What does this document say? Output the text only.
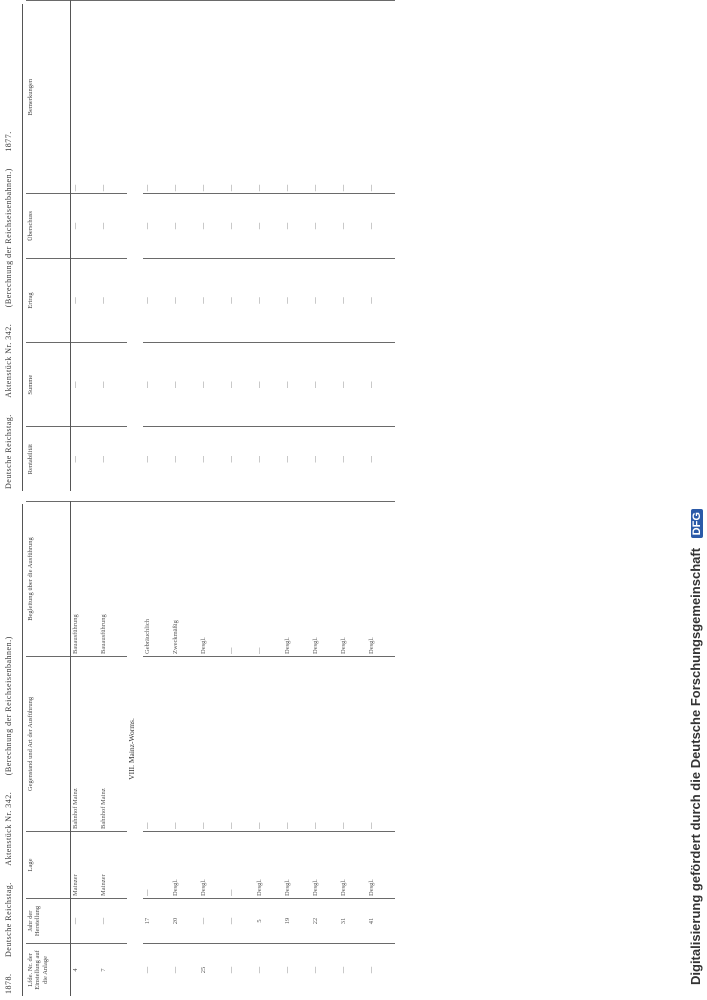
1878. Deutsche Reichstag. Aktenstück Nr. 342. (Berechnung der Reichseisenbahnen.)
Lfde. Nr. der Einstellung auf die Anlage	Jahr der Herstellung	Lage	Gegenstand und Art der Ausführung	Begleitung über die Ausführung
4	—	Mainzer	Bahnhof Mainz	Bauausführung
7	—	Mainzer	Bahnhof Mainz	Bauausführung
VIII. Mainz-Worms.				
—	17	—	—	Gebräuchlich
—	20	Desgl.	—	Zweckmäßig
25	—	Desgl.	—	Desgl.
—	—	—	—	—
—	5	Desgl.	—	—
—	19	Desgl.	—	Desgl.
—	22	Desgl.	—	Desgl.
—	31	Desgl.	—	Desgl.
—	41	Desgl.	—	Desgl.
Deutsche Reichstag. Aktenstück Nr. 342. (Berechnung der Reichseisenbahnen.) 1877.
Rentabilität	Summe	Ertrag	Überschuss	Bemerkungen
—	—	—	—	—
—	—	—	—	—

—	—	—	—	—
—	—	—	—	—
—	—	—	—	—
—	—	—	—	—
—	—	—	—	—
—	—	—	—	—
—	—	—	—	—
—	—	—	—	—
—	—	—	—	—
Digitalisierung gefördert durch die Deutsche Forschungsgemeinschaft DFG
